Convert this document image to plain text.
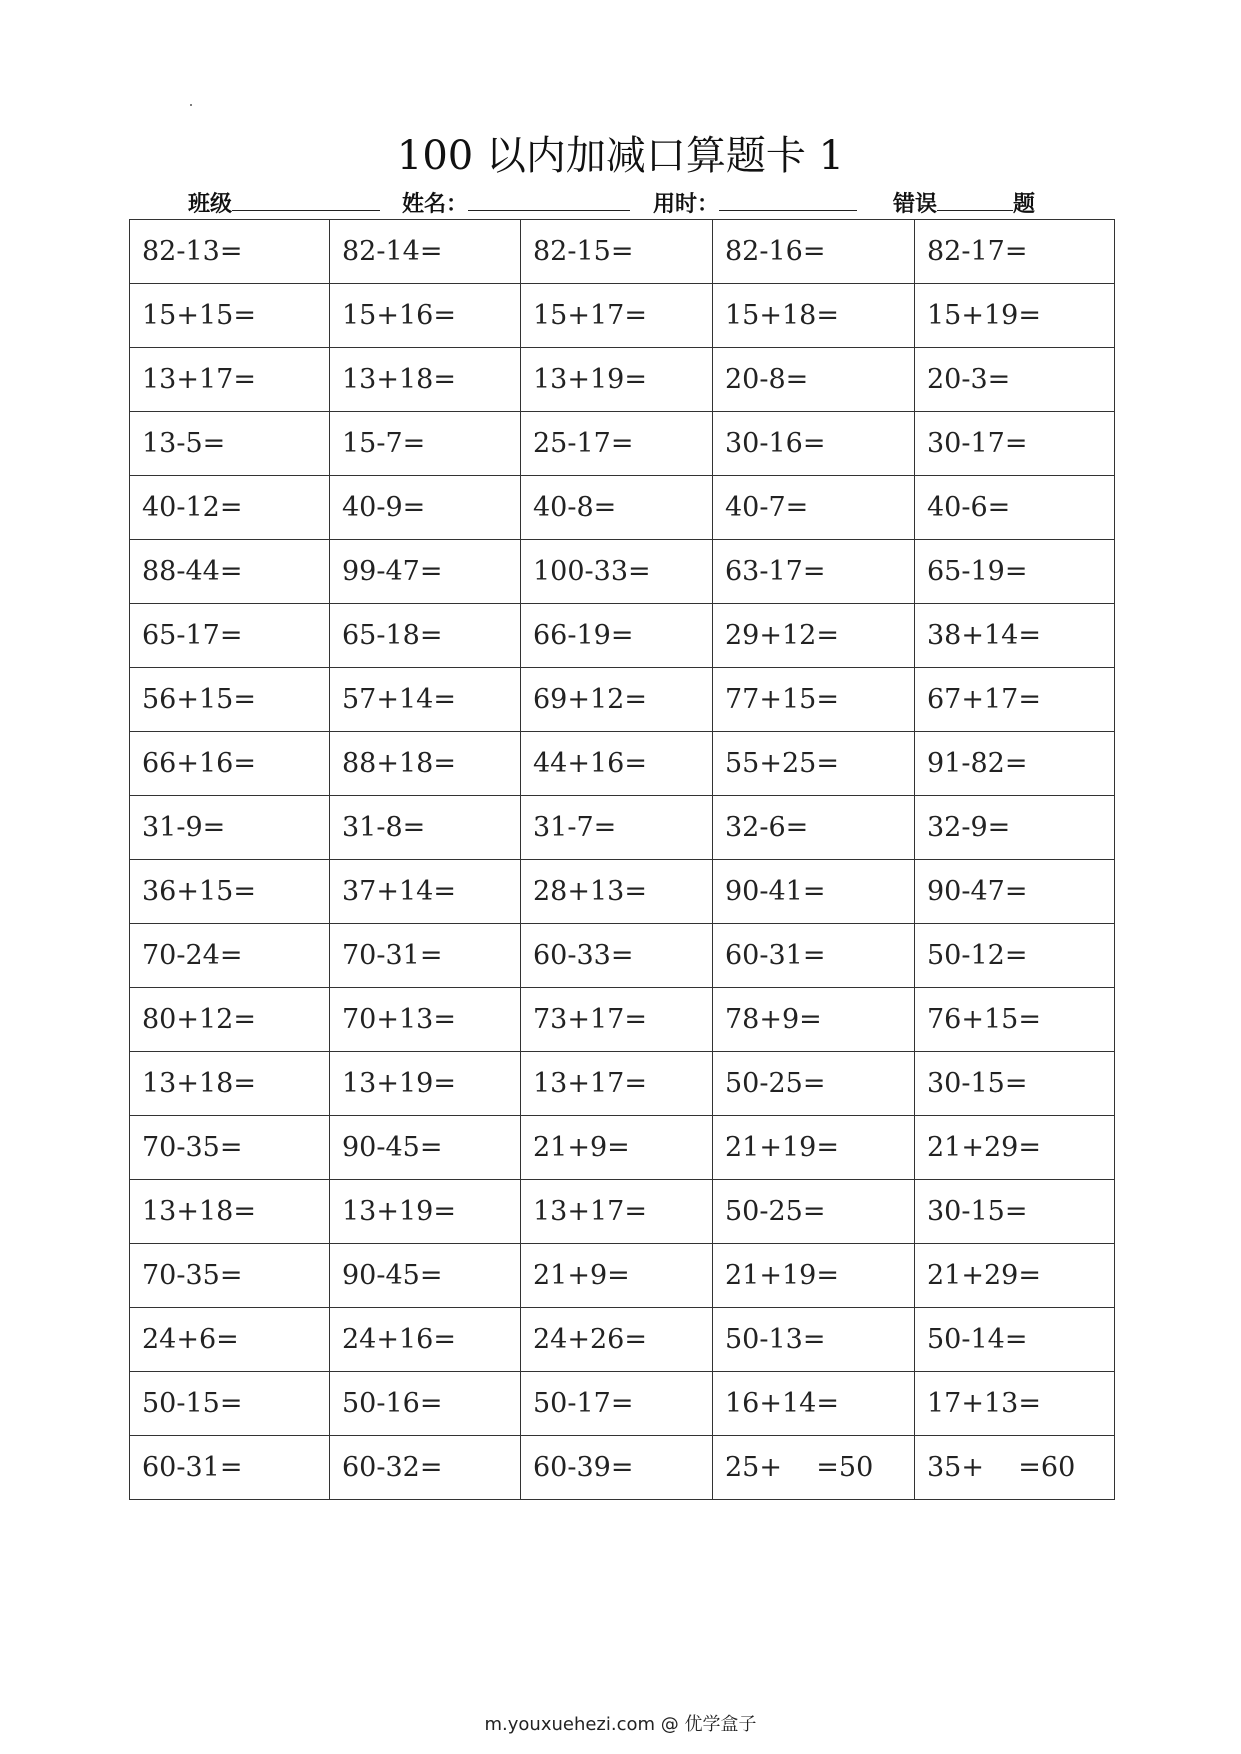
100 以内加减口算题卡 1
班级	姓名：	用时：	错误	题
82-13=	82-14=	82-15=	82-16=	82-17=
15+15=	15+16=	15+17=	15+18=	15+19=
13+17=	13+18=	13+19=	20-8=	20-3=
13-5=	15-7=	25-17=	30-16=	30-17=
40-12=	40-9=	40-8=	40-7=	40-6=
88-44=	99-47=	100-33=	63-17=	65-19=
65-17=	65-18=	66-19=	29+12=	38+14=
56+15=	57+14=	69+12=	77+15=	67+17=
66+16=	88+18=	44+16=	55+25=	91-82=
31-9=	31-8=	31-7=	32-6=	32-9=
36+15=	37+14=	28+13=	90-41=	90-47=
70-24=	70-31=	60-33=	60-31=	50-12=
80+12=	70+13=	73+17=	78+9=	76+15=
13+18=	13+19=	13+17=	50-25=	30-15=
70-35=	90-45=	21+9=	21+19=	21+29=
13+18=	13+19=	13+17=	50-25=	30-15=
70-35=	90-45=	21+9=	21+19=	21+29=
24+6=	24+16=	24+26=	50-13=	50-14=
50-15=	50-16=	50-17=	16+14=	17+13=
60-31=	60-32=	60-39=	25+    =50	35+    =60
m.youxuehezi.com @ 优学盒子
